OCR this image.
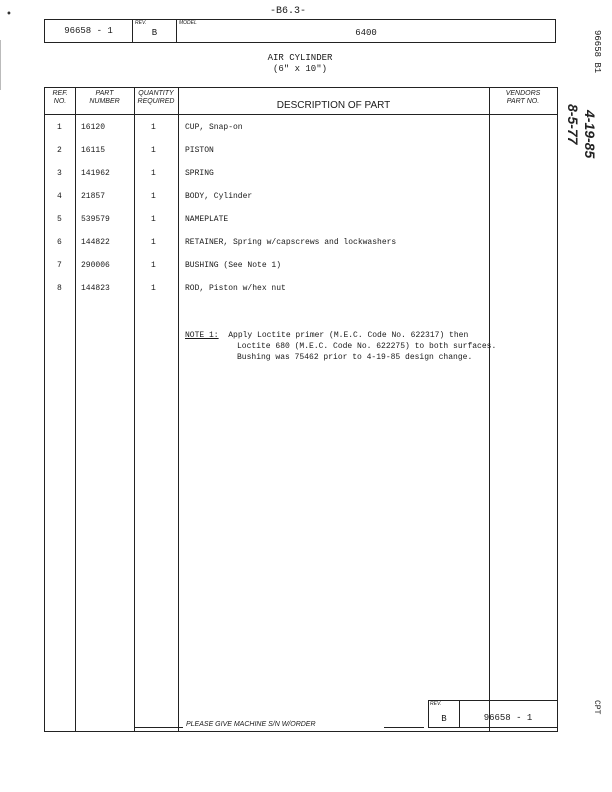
•	-B6.3-
96658 - 1
REV.
B
MODEL
6400
AIR CYLINDER
(6" x 10")
REF.
NO.
PART
NUMBER
QUANTITY
REQUIRED	DESCRIPTION OF PART
VENDORS
PART NO.
1 16120	1	CUP, Snap-on
2 16115	1	PISTON
3 141962	1	SPRING
4 21857	1	BODY, Cylinder
5 539579	1	NAMEPLATE
6 144822	1	RETAINER, Spring w/capscrews and lockwashers
7 290006	1	BUSHING (See Note 1)
8 144823	1	ROD, Piston w/hex nut
NOTE 1: Apply Loctite primer (M.E.C. Code No. 622317) then
Loctite 680 (M.E.C. Code No. 622275) to both surfaces.
Bushing was 75462 prior to 4-19-85 design change.
PLEASE GIVE MACHINE S/N W/ORDER
REV.
B	96658 - 1
96658 B1
8-5-77 4-19-85
CPT
